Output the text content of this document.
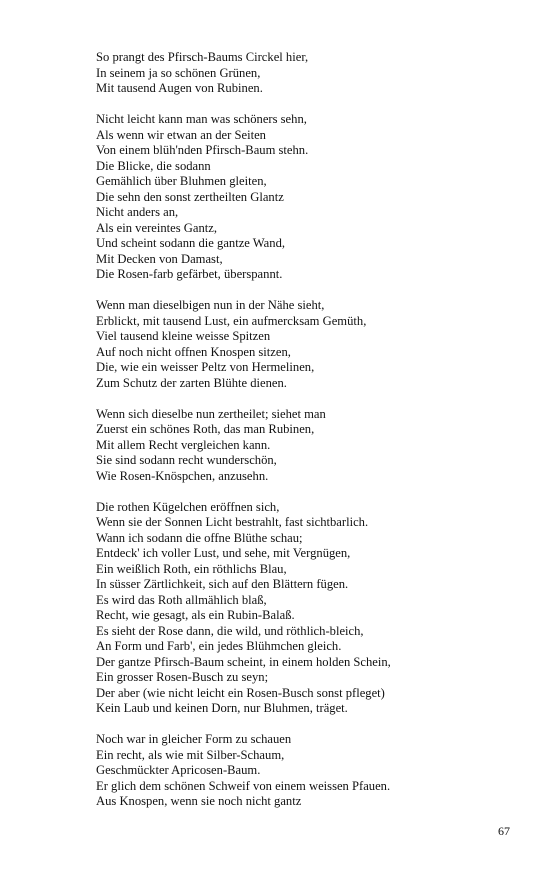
So prangt des Pfirsch-Baums Circkel hier,
In seinem ja so schönen Grünen,
Mit tausend Augen von Rubinen.
Nicht leicht kann man was schöners sehn,
Als wenn wir etwan an der Seiten
Von einem blüh'nden Pfirsch-Baum stehn.
Die Blicke, die sodann
Gemählich über Bluhmen gleiten,
Die sehn den sonst zertheilten Glantz
Nicht anders an,
Als ein vereintes Gantz,
Und scheint sodann die gantze Wand,
Mit Decken von Damast,
Die Rosen-farb gefärbet, überspannt.
Wenn man dieselbigen nun in der Nähe sieht,
Erblickt, mit tausend Lust, ein aufmercksam Gemüth,
Viel tausend kleine weisse Spitzen
Auf noch nicht offnen Knospen sitzen,
Die, wie ein weisser Peltz von Hermelinen,
Zum Schutz der zarten Blühte dienen.
Wenn sich dieselbe nun zertheilet; siehet man
Zuerst ein schönes Roth, das man Rubinen,
Mit allem Recht vergleichen kann.
Sie sind sodann recht wunderschön,
Wie Rosen-Knöspchen, anzusehn.
Die rothen Kügelchen eröffnen sich,
Wenn sie der Sonnen Licht bestrahlt, fast sichtbarlich.
Wann ich sodann die offne Blüthe schau;
Entdeck' ich voller Lust, und sehe, mit Vergnügen,
Ein weißlich Roth, ein röthlichs Blau,
In süsser Zärtlichkeit, sich auf den Blättern fügen.
Es wird das Roth allmählich blaß,
Recht, wie gesagt, als ein Rubin-Balaß.
Es sieht der Rose dann, die wild, und röthlich-bleich,
An Form und Farb', ein jedes Blühmchen gleich.
Der gantze Pfirsch-Baum scheint, in einem holden Schein,
Ein grosser Rosen-Busch zu seyn;
Der aber (wie nicht leicht ein Rosen-Busch sonst pfleget)
Kein Laub und keinen Dorn, nur Bluhmen, träget.
Noch war in gleicher Form zu schauen
Ein recht, als wie mit Silber-Schaum,
Geschmückter Apricosen-Baum.
Er glich dem schönen Schweif von einem weissen Pfauen.
Aus Knospen, wenn sie noch nicht gantz
67
